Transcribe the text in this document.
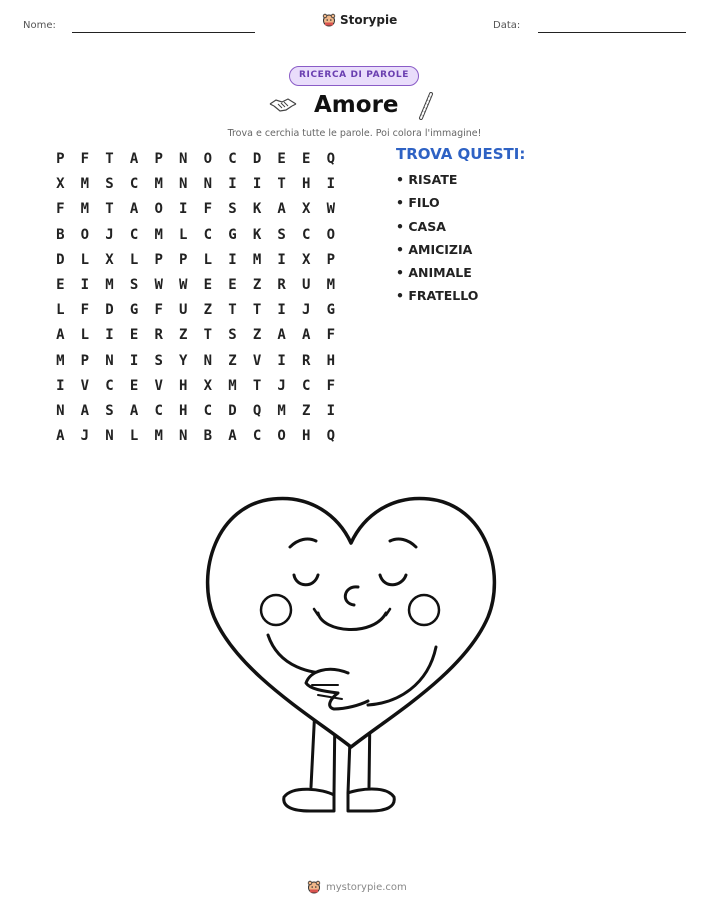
Nome:	Storypie	Data:
RICERCA DI PAROLE
Amore
Trova e cerchia tutte le parole. Poi colora l'immagine!
P	F	T	A	P	N	O	C	D	E	E	Q
X	M	S	C	M	N	N	I	I	T	H	I
F	M	T	A	O	I	F	S	K	A	X	W
B	O	J	C	M	L	C	G	K	S	C	O
D	L	X	L	P	P	L	I	M	I	X	P
E	I	M	S	W	W	E	E	Z	R	U	M
L	F	D	G	F	U	Z	T	T	I	J	G
A	L	I	E	R	Z	T	S	Z	A	A	F
M	P	N	I	S	Y	N	Z	V	I	R	H
I	V	C	E	V	H	X	M	T	J	C	F
N	A	S	A	C	H	C	D	Q	M	Z	I
A	J	N	L	M	N	B	A	C	O	H	Q
TROVA QUESTI:
• RISATE
• FILO
• CASA
• AMICIZIA
• ANIMALE
• FRATELLO
mystorypie.com
